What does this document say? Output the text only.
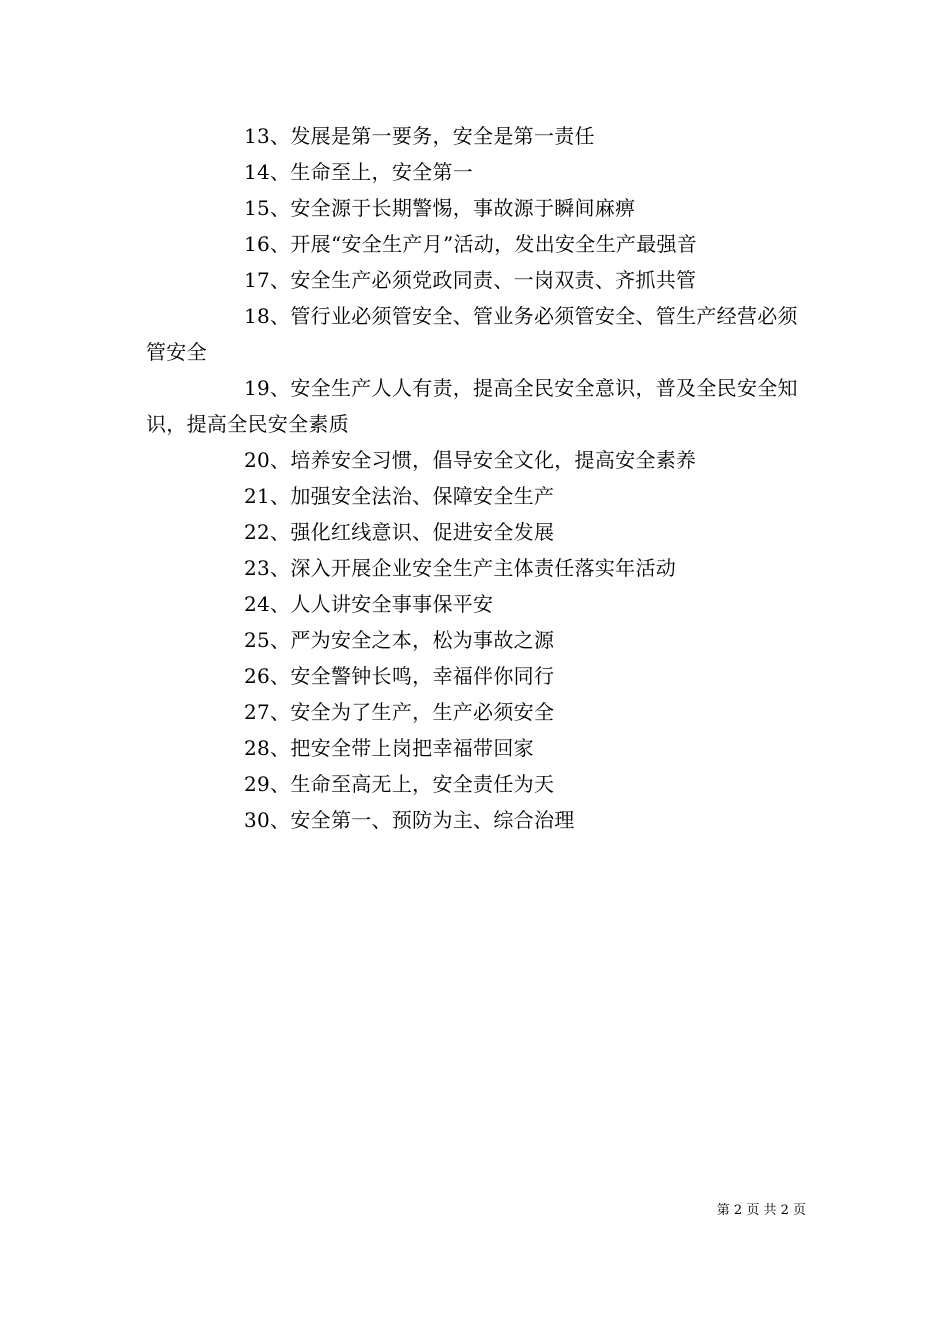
13、发展是第一要务，安全是第一责任

14、生命至上，安全第一

15、安全源于长期警惕，事故源于瞬间麻痹

16、开展“安全生产月”活动，发出安全生产最强音

17、安全生产必须党政同责、一岗双责、齐抓共管

18、管行业必须管安全、管业务必须管安全、管生产经营必须管安全

19、安全生产人人有责，提高全民安全意识，普及全民安全知识，提高全民安全素质

20、培养安全习惯，倡导安全文化，提高安全素养

21、加强安全法治、保障安全生产

22、强化红线意识、促进安全发展

23、深入开展企业安全生产主体责任落实年活动

24、人人讲安全事事保平安

25、严为安全之本，松为事故之源

26、安全警钟长鸣，幸福伴你同行

27、安全为了生产，生产必须安全

28、把安全带上岗把幸福带回家

29、生命至高无上，安全责任为天

30、安全第一、预防为主、综合治理

第 2 页 共 2 页
